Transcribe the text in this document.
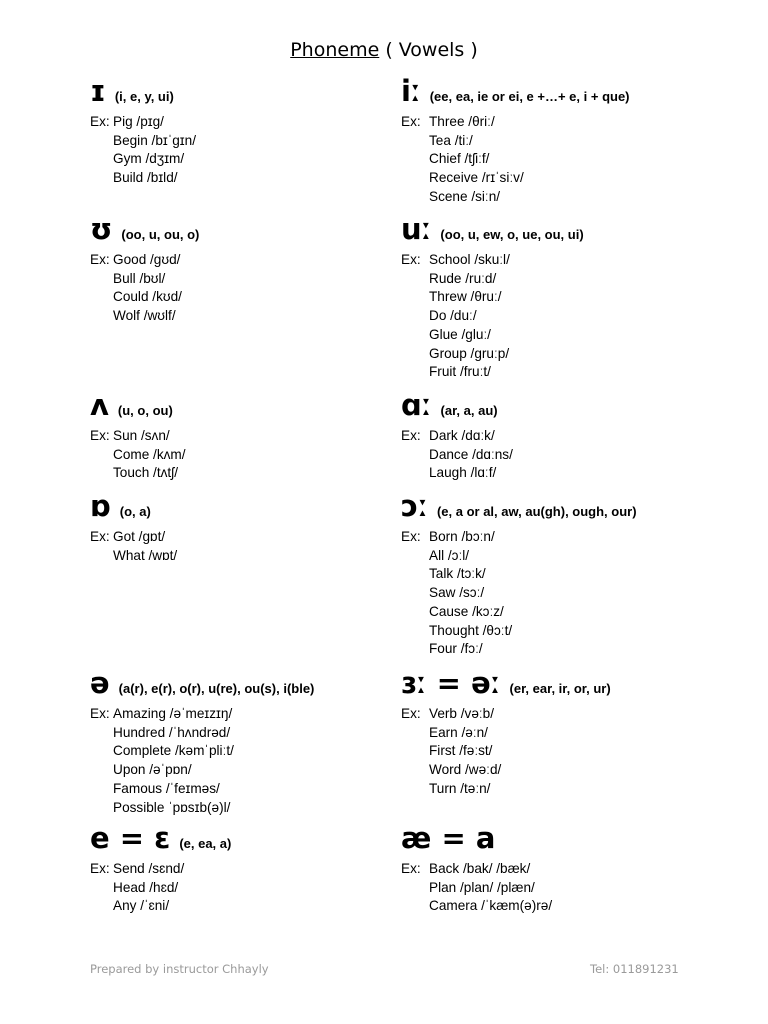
Phoneme ( Vowels )
ɪ (i, e, y, ui)
Ex: Pig /pɪɡ/
Begin /bɪˈɡɪn/
Gym /dʒɪm/
Build /bɪld/
iː (ee, ea, ie or ei, e +…+ e, i + que)
Ex: Three /θriː/
Tea /tiː/
Chief /tʃiːf/
Receive /rɪˈsiːv/
Scene /siːn/
ʊ (oo, u, ou, o)
Ex: Good /ɡʊd/
Bull /bʊl/
Could /kʊd/
Wolf /wʊlf/
uː (oo, u, ew, o, ue, ou, ui)
Ex: School /skuːl/
Rude /ruːd/
Threw /θruː/
Do /duː/
Glue /ɡluː/
Group /ɡruːp/
Fruit /fruːt/
ʌ (u, o, ou)
Ex: Sun /sʌn/
Come /kʌm/
Touch /tʌtʃ/
ɑː (ar, a, au)
Ex: Dark /dɑːk/
Dance /dɑːns/
Laugh /lɑːf/
ɒ (o, a)
Ex: Got /ɡɒt/
What /wɒt/
ɔː (e, a or al, aw, au(gh), ough, our)
Ex: Born /bɔːn/
All /ɔːl/
Talk /tɔːk/
Saw /sɔː/
Cause /kɔːz/
Thought /θɔːt/
Four /fɔː/
ə (a(r), e(r), o(r), u(re), ou(s), i(ble)
Ex: Amazing /əˈmeɪzɪŋ/
Hundred /ˈhʌndrəd/
Complete /kəmˈpliːt/
Upon /əˈpɒn/
Famous /ˈfeɪməs/
Possible ˈpɒsɪb(ə)l/
ɜː = əː (er, ear, ir, or, ur)
Ex: Verb /vəːb/
Earn /əːn/
First /fəːst/
Word /wəːd/
Turn /təːn/
e = ɛ (e, ea, a)
Ex: Send /sɛnd/
Head /hɛd/
Any /ˈɛni/
æ = a
Ex: Back /bak/ /bæk/
Plan /plan/ /plæn/
Camera /ˈkæm(ə)rə/
Prepared by instructor Chhayly	Tel: 011891231
